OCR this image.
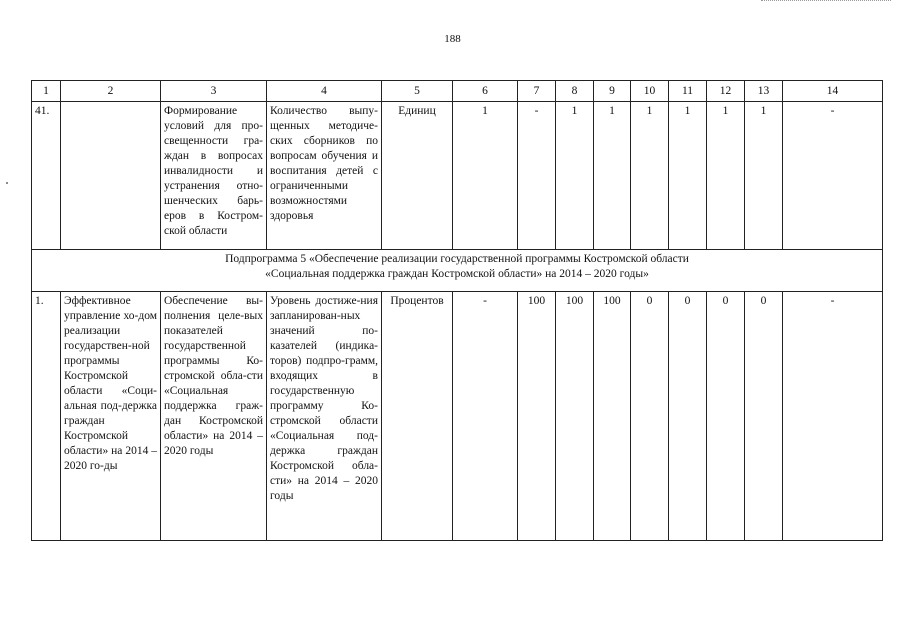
188
1	2	3	4	5	6	7	8	9	10	11	12	13	14
41.		Формирование условий для про-свещенности гра-ждан в вопросах инвалидности и устранения отно-шенческих барь-еров в Костром-ской области	Количество выпу-щенных методиче-ских сборников по вопросам обучения и воспитания детей с ограниченными возможностями здоровья	Единиц	1	-	1	1	1	1	1	1	-

Подпрограмма 5 «Обеспечение реализации государственной программы Костромской области
«Социальная поддержка граждан Костромской области» на 2014 – 2020 годы»													

1.	Эффективное управление хо-дом реализации государствен-ной программы Костромской области «Соци-альная под-держка граждан Костромской области» на 2014 – 2020 го-ды	Обеспечение вы-полнения целе-вых показателей государственной программы Ко-стромской обла-сти «Социальная поддержка граж-дан Костромской области» на 2014 – 2020 годы	Уровень достиже-ния запланирован-ных значений по-казателей (индика-торов) подпро-грамм, входящих в государственную программу Ко-стромской области «Социальная под-держка граждан Костромской обла-сти» на 2014 – 2020 годы	Процентов	-	100	100	100	0	0	0	0	-
